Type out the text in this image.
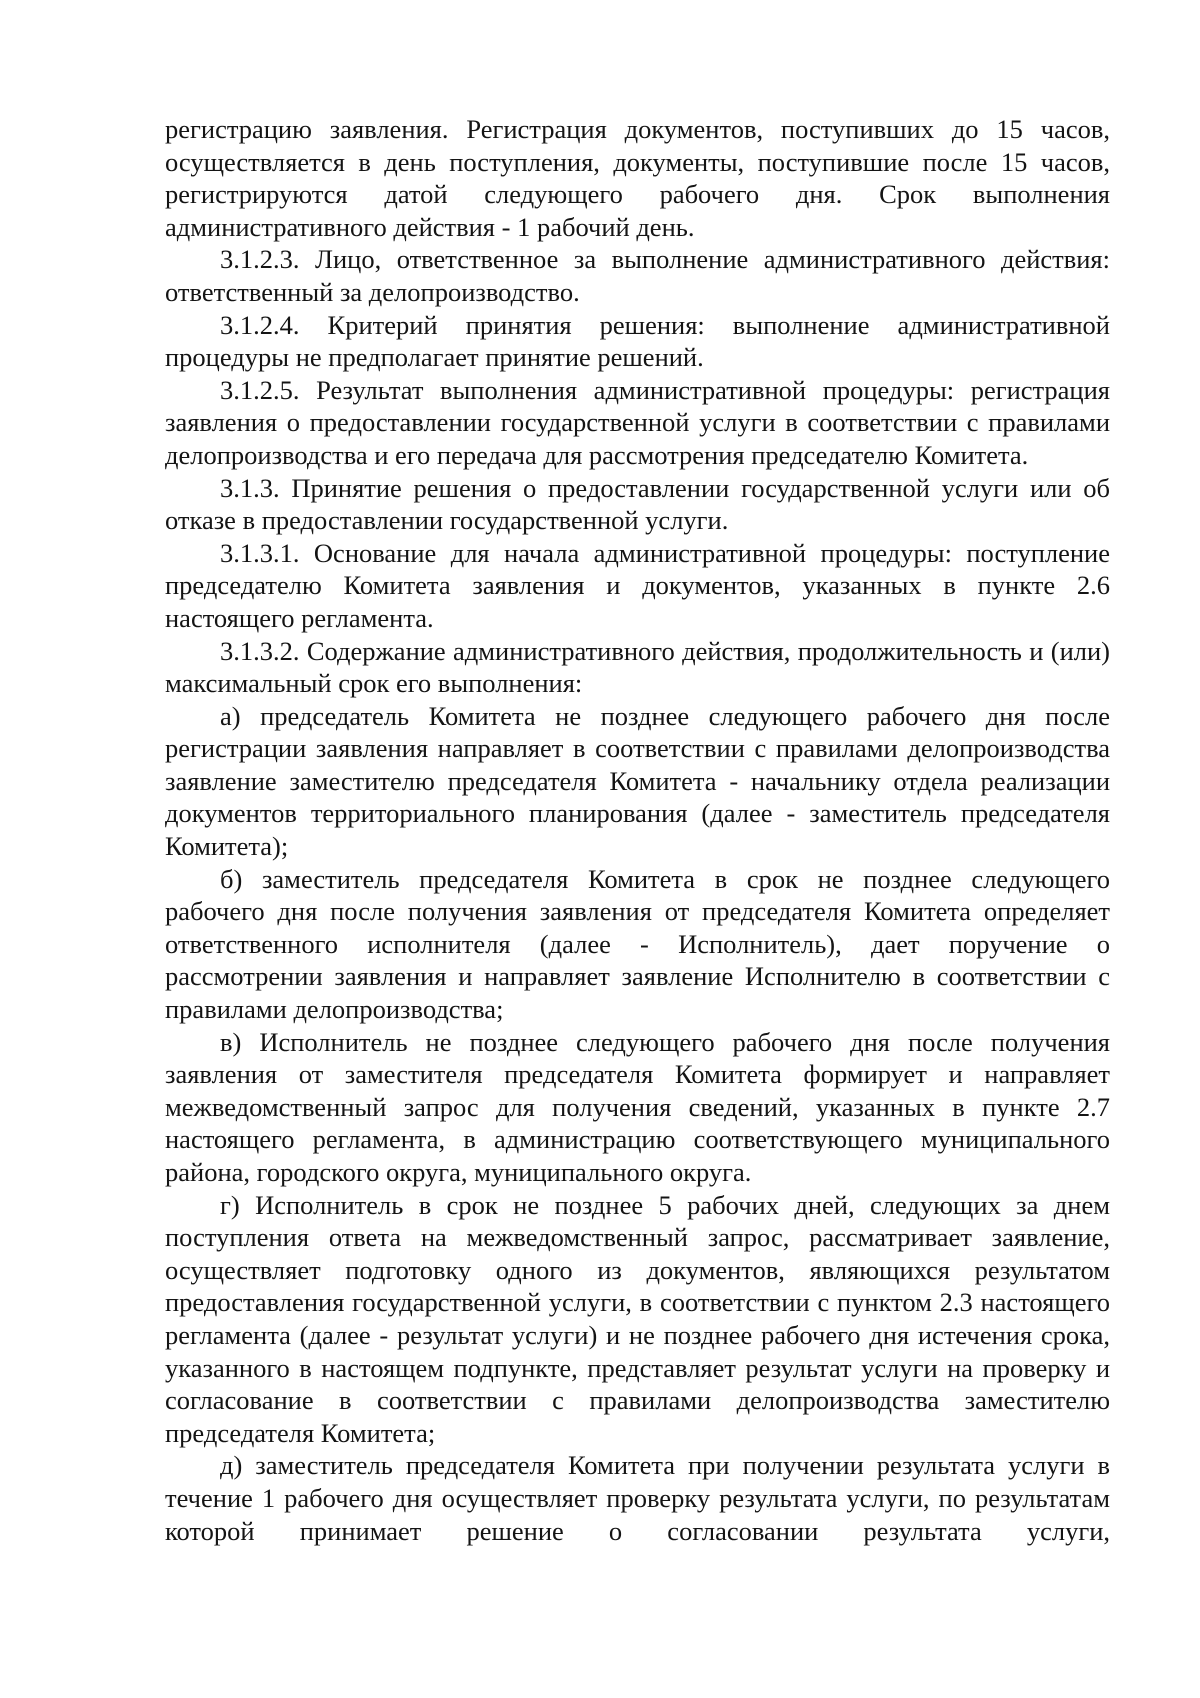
регистрацию заявления. Регистрация документов, поступивших до 15 часов, осуществляется в день поступления, документы, поступившие после 15 часов, регистрируются датой следующего рабочего дня. Срок выполнения административного действия - 1 рабочий день.

3.1.2.3. Лицо, ответственное за выполнение административного действия: ответственный за делопроизводство.

3.1.2.4. Критерий принятия решения: выполнение административной процедуры не предполагает принятие решений.

3.1.2.5. Результат выполнения административной процедуры: регистрация заявления о предоставлении государственной услуги в соответствии с правилами делопроизводства и его передача для рассмотрения председателю Комитета.

3.1.3. Принятие решения о предоставлении государственной услуги или об отказе в предоставлении государственной услуги.

3.1.3.1. Основание для начала административной процедуры: поступление председателю Комитета заявления и документов, указанных в пункте 2.6 настоящего регламента.

3.1.3.2. Содержание административного действия, продолжительность и (или) максимальный срок его выполнения:

а) председатель Комитета не позднее следующего рабочего дня после регистрации заявления направляет в соответствии с правилами делопроизводства заявление заместителю председателя Комитета - начальнику отдела реализации документов территориального планирования (далее - заместитель председателя Комитета);

б) заместитель председателя Комитета в срок не позднее следующего рабочего дня после получения заявления от председателя Комитета определяет ответственного исполнителя (далее - Исполнитель), дает поручение о рассмотрении заявления и направляет заявление Исполнителю в соответствии с правилами делопроизводства;

в) Исполнитель не позднее следующего рабочего дня после получения заявления от заместителя председателя Комитета формирует и направляет межведомственный запрос для получения сведений, указанных в пункте 2.7 настоящего регламента, в администрацию соответствующего муниципального района, городского округа, муниципального округа.

г) Исполнитель в срок не позднее 5 рабочих дней, следующих за днем поступления ответа на межведомственный запрос, рассматривает заявление, осуществляет подготовку одного из документов, являющихся результатом предоставления государственной услуги, в соответствии с пунктом 2.3 настоящего регламента (далее - результат услуги) и не позднее рабочего дня истечения срока, указанного в настоящем подпункте, представляет результат услуги на проверку и согласование в соответствии с правилами делопроизводства заместителю председателя Комитета;

д) заместитель председателя Комитета при получении результата услуги в течение 1 рабочего дня осуществляет проверку результата услуги, по результатам которой принимает решение о согласовании результата услуги,
